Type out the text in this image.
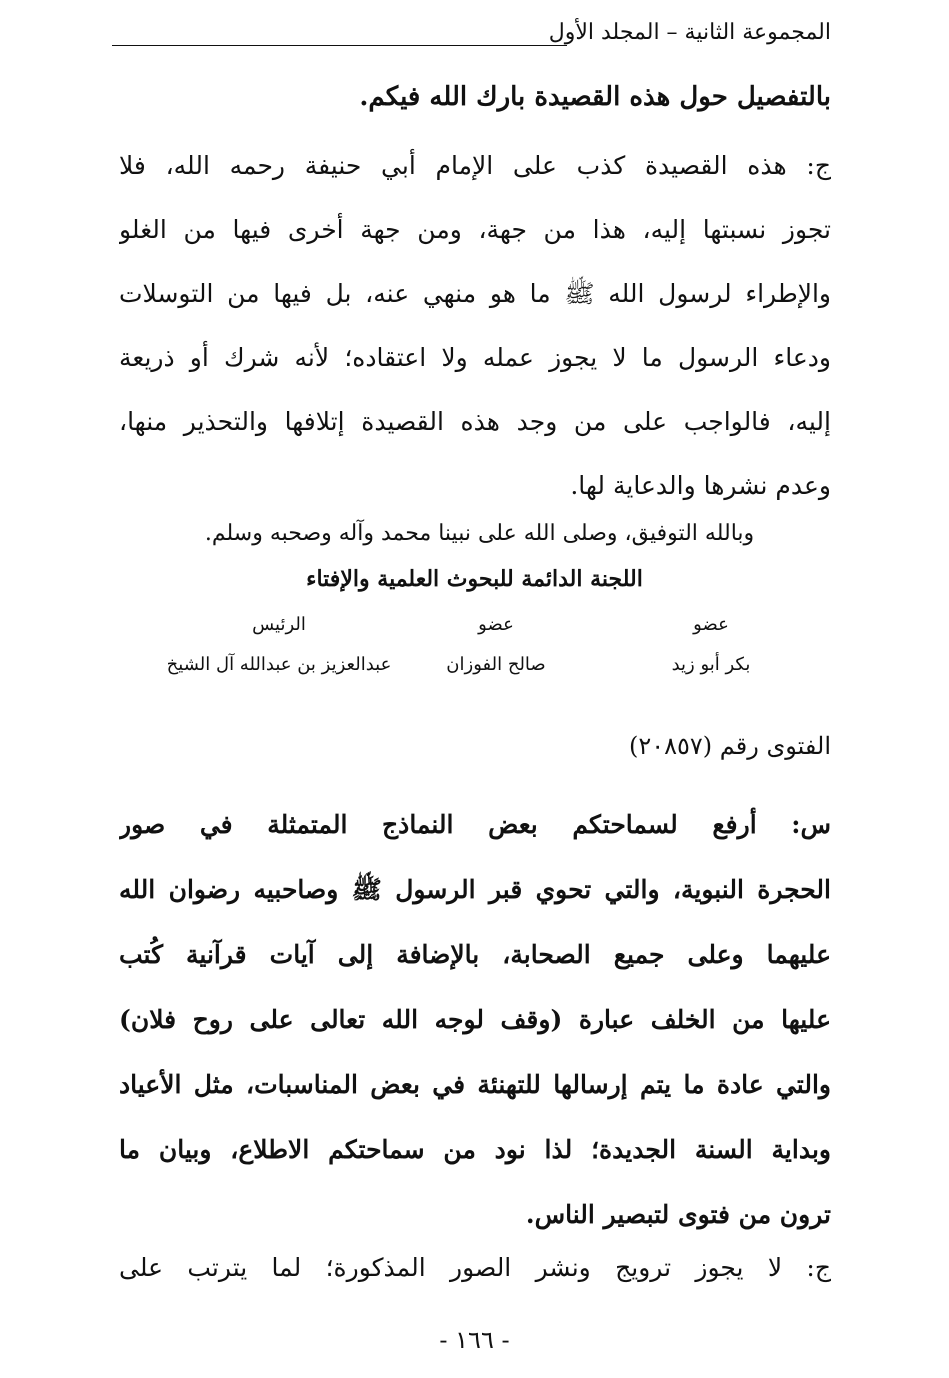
المجموعة الثانية – المجلد الأول
بالتفصيل حول هذه القصيدة بارك الله فيكم.
ج: هذه القصيدة كذب على الإمام أبي حنيفة رحمه الله، فلا
تجوز نسبتها إليه، هذا من جهة، ومن جهة أخرى فيها من الغلو
والإطراء لرسول الله ﷺ ما هو منهي عنه، بل فيها من التوسلات
ودعاء الرسول ما لا يجوز عمله ولا اعتقاده؛ لأنه شرك أو ذريعة
إليه، فالواجب على من وجد هذه القصيدة إتلافها والتحذير منها،
وعدم نشرها والدعاية لها.
وبالله التوفيق، وصلى الله على نبينا محمد وآله وصحبه وسلم.
اللجنة الدائمة للبحوث العلمية والإفتاء
عضو
بكر أبو زيد
عضو
صالح الفوزان
الرئيس
عبدالعزيز بن عبدالله آل الشيخ
الفتوى رقم (٢٠٨٥٧)
س: أرفع لسماحتكم بعض النماذج المتمثلة في صور
الحجرة النبوية، والتي تحوي قبر الرسول ﷺ وصاحبيه رضوان الله
عليهما وعلى جميع الصحابة، بالإضافة إلى آيات قرآنية كُتب
عليها من الخلف عبارة (وقف لوجه الله تعالى على روح فلان)
والتي عادة ما يتم إرسالها للتهنئة في بعض المناسبات، مثل الأعياد
وبداية السنة الجديدة؛ لذا نود من سماحتكم الاطلاع، وبيان ما
ترون من فتوى لتبصير الناس.
ج: لا يجوز ترويج ونشر الصور المذكورة؛ لما يترتب على
- ١٦٦ -
